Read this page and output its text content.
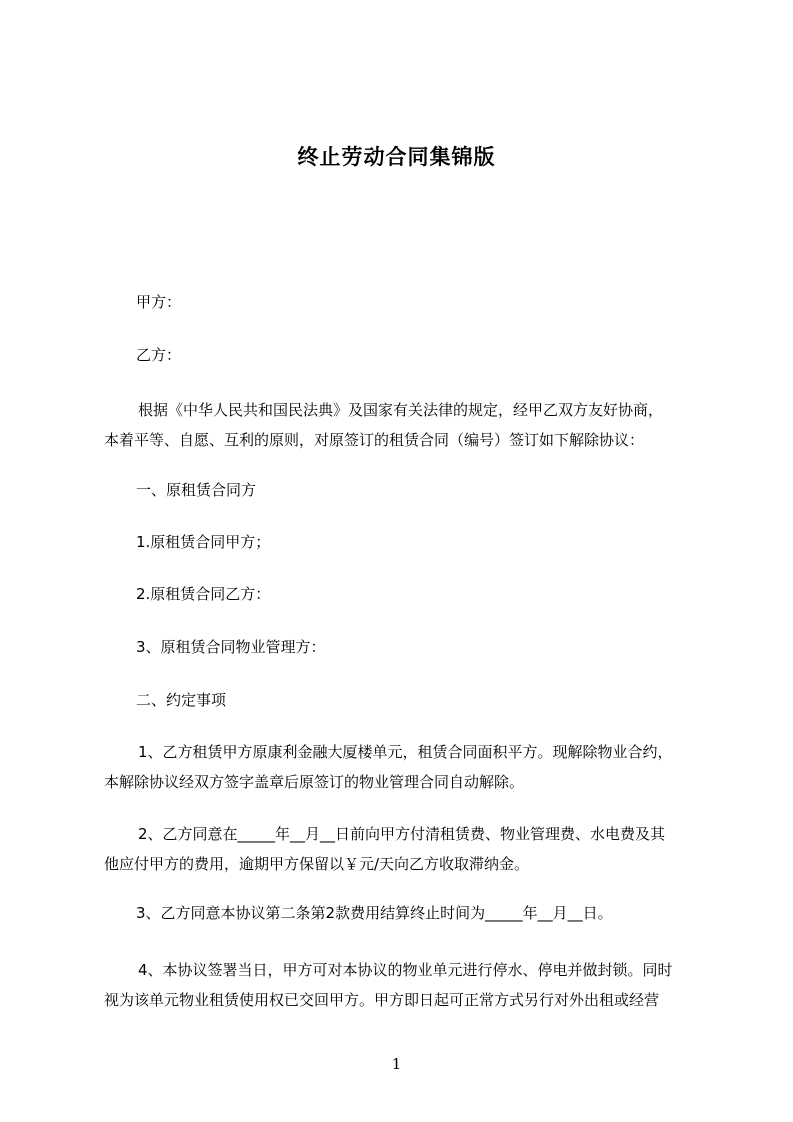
终止劳动合同集锦版
甲方：
乙方：
根据《中华人民共和国民法典》及国家有关法律的规定，经甲乙双方友好协商，
本着平等、自愿、互利的原则，对原签订的租赁合同（编号）签订如下解除协议：
一、原租赁合同方
1.原租赁合同甲方；
2.原租赁合同乙方：
3、原租赁合同物业管理方：
二、约定事项
1、乙方租赁甲方原康利金融大厦楼单元，租赁合同面积平方。现解除物业合约，
本解除协议经双方签字盖章后原签订的物业管理合同自动解除。
2、乙方同意在_____年__月__日前向甲方付清租赁费、物业管理费、水电费及其
他应付甲方的费用，逾期甲方保留以￥元/天向乙方收取滞纳金。
3、乙方同意本协议第二条第2款费用结算终止时间为_____年__月__日。
4、本协议签署当日，甲方可对本协议的物业单元进行停水、停电并做封锁。同时
视为该单元物业租赁使用权已交回甲方。甲方即日起可正常方式另行对外出租或经营
1
